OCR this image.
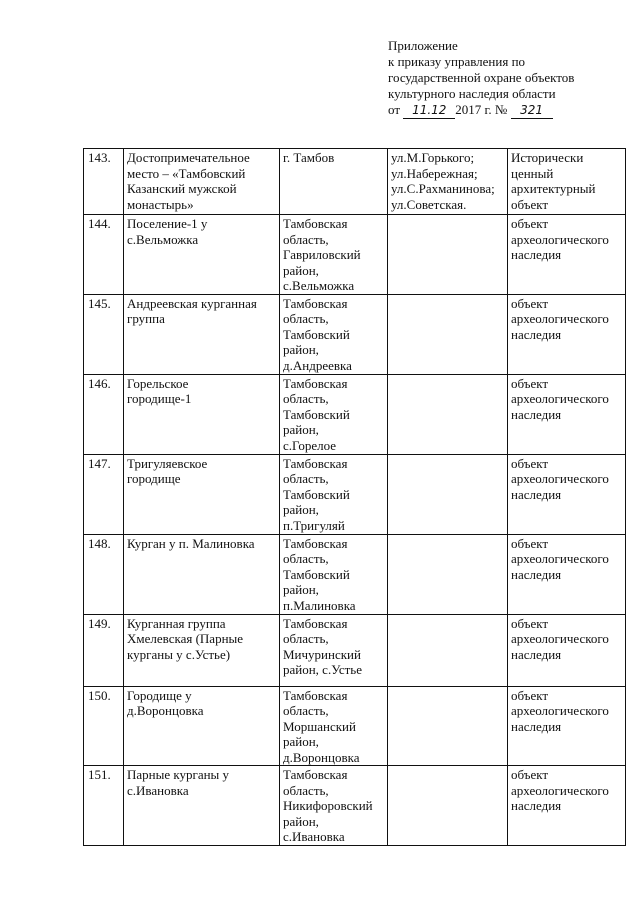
Приложение
к приказу управления по
государственной охране объектов
культурного наследия области
от 11.12 2017 г. № 321
143.	Достопримечательное
место – «Тамбовский
Казанский мужской
монастырь»	г. Тамбов	ул.М.Горького;
ул.Набережная;
ул.С.Рахманинова;
ул.Советская.	Исторически
ценный
архитектурный
объект
144.	Поселение-1 у
с.Вельможка	Тамбовская
область,
Гавриловский
район,
с.Вельможка		объект
археологического
наследия
145.	Андреевская курганная
группа	Тамбовская
область,
Тамбовский
район,
д.Андреевка		объект
археологического
наследия
146.	Горельское
городище-1	Тамбовская
область,
Тамбовский
район,
с.Горелое		объект
археологического
наследия
147.	Тригуляевское
городище	Тамбовская
область,
Тамбовский
район,
п.Тригуляй		объект
археологического
наследия
148.	Курган у п. Малиновка	Тамбовская
область,
Тамбовский
район,
п.Малиновка		объект
археологического
наследия
149.	Курганная группа
Хмелевская (Парные
курганы у с.Устье)	Тамбовская
область,
Мичуринский
район, с.Устье		объект
археологического
наследия
150.	Городище у
д.Воронцовка	Тамбовская
область,
Моршанский
район,
д.Воронцовка		объект
археологического
наследия
151.	Парные курганы у
с.Ивановка	Тамбовская
область,
Никифоровский
район,
с.Ивановка		объект
археологического
наследия
